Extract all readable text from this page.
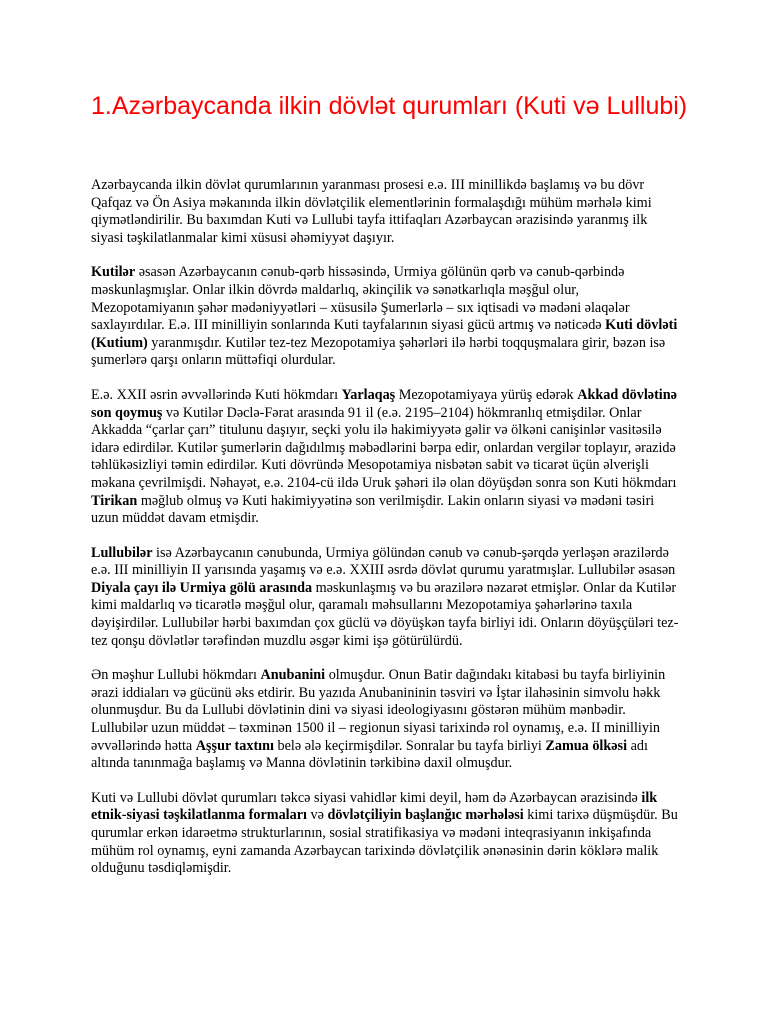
1.Azərbaycanda ilkin dövlət qurumları (Kuti və Lullubi)

Azərbaycanda ilkin dövlət qurumlarının yaranması prosesi e.ə. III minillikdə başlamış və bu dövr Qafqaz və Ön Asiya məkanında ilkin dövlətçilik elementlərinin formalaşdığı mühüm mərhələ kimi qiymətləndirilir. Bu baxımdan Kuti və Lullubi tayfa ittifaqları Azərbaycan ərazisində yaranmış ilk siyasi təşkilatlanmalar kimi xüsusi əhəmiyyət daşıyır.

Kutilər əsasən Azərbaycanın cənub-qərb hissəsində, Urmiya gölünün qərb və cənub-qərbində məskunlaşmışlar. Onlar ilkin dövrdə maldarlıq, əkinçilik və sənətkarlıqla məşğul olur, Mezopotamiyanın şəhər mədəniyyətləri – xüsusilə Şumerlərlə – sıx iqtisadi və mədəni əlaqələr saxlayırdılar. E.ə. III minilliyin sonlarında Kuti tayfalarının siyasi gücü artmış və nəticədə Kuti dövləti (Kutium) yaranmışdır. Kutilər tez-tez Mezopotamiya şəhərləri ilə hərbi toqquşmalara girir, bəzən isə şumerlərə qarşı onların müttəfiqi olurdular.

E.ə. XXII əsrin əvvəllərində Kuti hökmdarı Yarlaqaş Mezopotamiyaya yürüş edərək Akkad dövlətinə son qoymuş və Kutilər Dəclə-Fərat arasında 91 il (e.ə. 2195–2104) hökmranlıq etmişdilər. Onlar Akkadda “çarlar çarı” titulunu daşıyır, seçki yolu ilə hakimiyyətə gəlir və ölkəni canişinlər vasitəsilə idarə edirdilər. Kutilər şumerlərin dağıdılmış məbədlərini bərpa edir, onlardan vergilər toplayır, ərazidə təhlükəsizliyi təmin edirdilər. Kuti dövründə Mesopotamiya nisbətən sabit və ticarət üçün əlverişli məkana çevrilmişdi. Nəhayət, e.ə. 2104-cü ildə Uruk şəhəri ilə olan döyüşdən sonra son Kuti hökmdarı Tirikan məğlub olmuş və Kuti hakimiyyətinə son verilmişdir. Lakin onların siyasi və mədəni təsiri uzun müddət davam etmişdir.

Lullubilər isə Azərbaycanın cənubunda, Urmiya gölündən cənub və cənub-şərqdə yerləşən ərazilərdə e.ə. III minilliyin II yarısında yaşamış və e.ə. XXIII əsrdə dövlət qurumu yaratmışlar. Lullubilər əsasən Diyala çayı ilə Urmiya gölü arasında məskunlaşmış və bu ərazilərə nəzarət etmişlər. Onlar da Kutilər kimi maldarlıq və ticarətlə məşğul olur, qaramalı məhsullarını Mezopotamiya şəhərlərinə taxıla dəyişirdilər. Lullubilər hərbi baxımdan çox güclü və döyüşkən tayfa birliyi idi. Onların döyüşçüləri tez-tez qonşu dövlətlər tərəfindən muzdlu əsgər kimi işə götürülürdü.

Ən məşhur Lullubi hökmdarı Anubanini olmuşdur. Onun Batir dağındakı kitabəsi bu tayfa birliyinin ərazi iddiaları və gücünü əks etdirir. Bu yazıda Anubanininin təsviri və İştar ilahəsinin simvolu həkk olunmuşdur. Bu da Lullubi dövlətinin dini və siyasi ideologiyasını göstərən mühüm mənbədir. Lullubilər uzun müddət – təxminən 1500 il – regionun siyasi tarixində rol oynamış, e.ə. II minilliyin əvvəllərində hətta Aşşur taxtını belə ələ keçirmişdilər. Sonralar bu tayfa birliyi Zamua ölkəsi adı altında tanınmağa başlamış və Manna dövlətinin tərkibinə daxil olmuşdur.

Kuti və Lullubi dövlət qurumları təkcə siyasi vahidlər kimi deyil, həm də Azərbaycan ərazisində ilk etnik-siyasi təşkilatlanma formaları və dövlətçiliyin başlanğıc mərhələsi kimi tarixə düşmüşdür. Bu qurumlar erkən idarəetmə strukturlarının, sosial stratifikasiya və mədəni inteqrasiyanın inkişafında mühüm rol oynamış, eyni zamanda Azərbaycan tarixində dövlətçilik ənənəsinin dərin köklərə malik olduğunu təsdiqləmişdir.
